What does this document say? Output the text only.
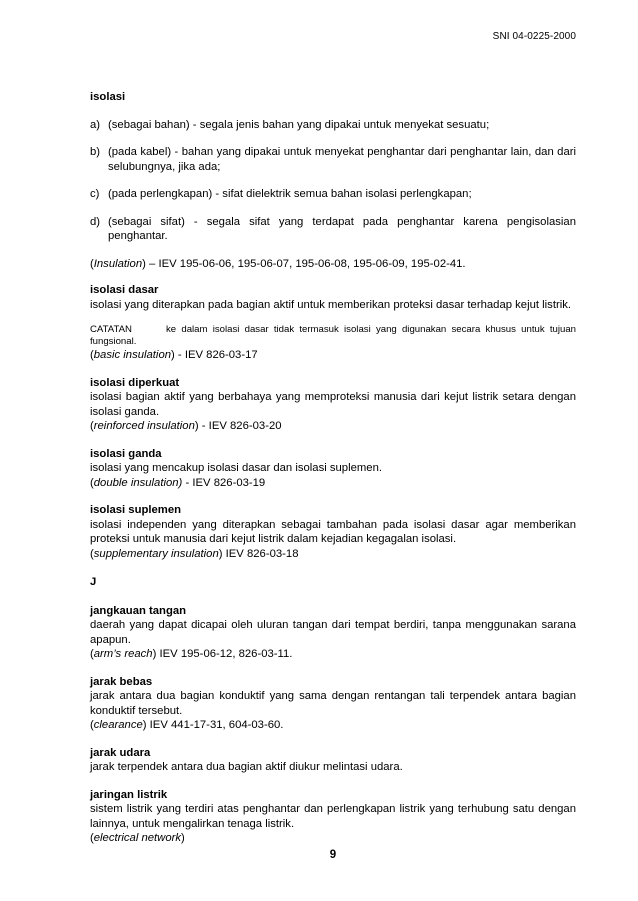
SNI 04-0225-2000

isolasi

a) (sebagai bahan) - segala jenis bahan yang dipakai untuk menyekat sesuatu;
b) (pada kabel) - bahan yang dipakai untuk menyekat penghantar dari penghantar lain, dan dari selubungnya, jika ada;
c) (pada perlengkapan) - sifat dielektrik semua bahan isolasi perlengkapan;
d) (sebagai sifat) - segala sifat yang terdapat pada penghantar karena pengisolasian penghantar.

(Insulation) – IEV 195-06-06, 195-06-07, 195-06-08, 195-06-09, 195-02-41.

isolasi dasar

isolasi yang diterapkan pada bagian aktif untuk memberikan proteksi dasar terhadap kejut listrik.

CATATAN	ke dalam isolasi dasar tidak termasuk isolasi yang digunakan secara khusus untuk tujuan fungsional.

(basic insulation) - IEV 826-03-17

isolasi diperkuat

isolasi bagian aktif yang berbahaya yang memproteksi manusia dari kejut listrik setara dengan isolasi ganda.

(reinforced insulation) - IEV 826-03-20

isolasi ganda

isolasi yang mencakup isolasi dasar dan isolasi suplemen.

(double insulation) - IEV 826-03-19

isolasi suplemen

isolasi independen yang diterapkan sebagai tambahan pada isolasi dasar agar memberikan proteksi untuk manusia dari kejut listrik dalam kejadian kegagalan isolasi.

(supplementary insulation) IEV 826-03-18

J

jangkauan tangan

daerah yang dapat dicapai oleh uluran tangan dari tempat berdiri, tanpa menggunakan sarana apapun.

(arm’s reach) IEV 195-06-12, 826-03-11.

jarak bebas

jarak antara dua bagian konduktif yang sama dengan rentangan tali terpendek antara bagian konduktif tersebut.

(clearance) IEV 441-17-31, 604-03-60.

jarak udara

jarak terpendek antara dua bagian aktif diukur melintasi udara.

jaringan listrik

sistem listrik yang terdiri atas penghantar dan perlengkapan listrik yang terhubung satu dengan lainnya, untuk mengalirkan tenaga listrik.

(electrical network)

9
